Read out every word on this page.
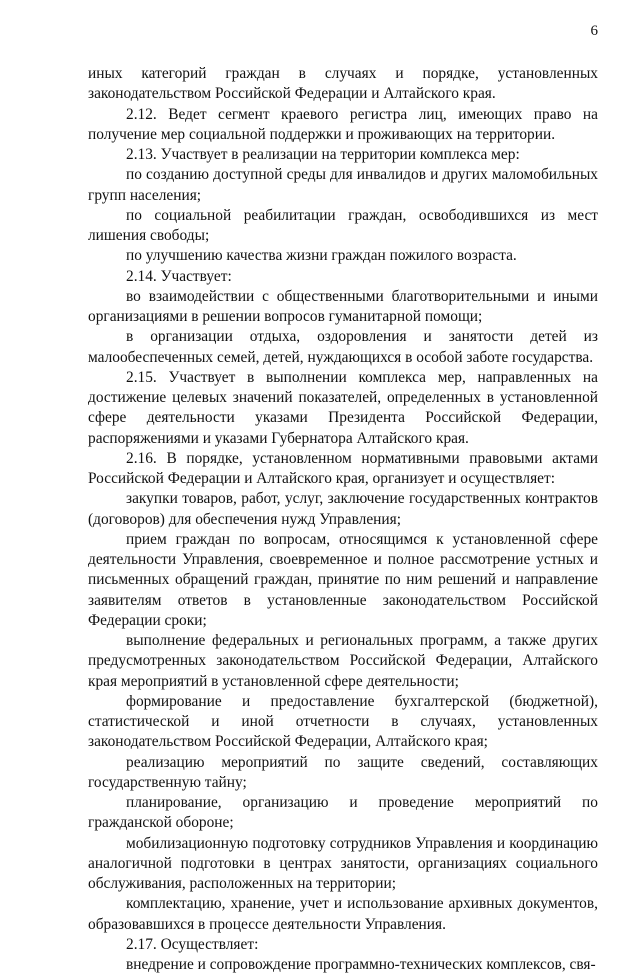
6

иных категорий граждан в случаях и порядке, установленных законодательством Российской Федерации и Алтайского края.

2.12. Ведет сегмент краевого регистра лиц, имеющих право на получение мер социальной поддержки и проживающих на территории.

2.13. Участвует в реализации на территории комплекса мер:

по созданию доступной среды для инвалидов и других маломобильных групп населения;

по социальной реабилитации граждан, освободившихся из мест лишения свободы;

по улучшению качества жизни граждан пожилого возраста.

2.14. Участвует:

во взаимодействии с общественными благотворительными и иными организациями в решении вопросов гуманитарной помощи;

в организации отдыха, оздоровления и занятости детей из малообеспеченных семей, детей, нуждающихся в особой заботе государства.

2.15. Участвует в выполнении комплекса мер, направленных на достижение целевых значений показателей, определенных в установленной сфере деятельности указами Президента Российской Федерации, распоряжениями и указами Губернатора Алтайского края.

2.16. В порядке, установленном нормативными правовыми актами Российской Федерации и Алтайского края, организует и осуществляет:

закупки товаров, работ, услуг, заключение государственных контрактов (договоров) для обеспечения нужд Управления;

прием граждан по вопросам, относящимся к установленной сфере деятельности Управления, своевременное и полное рассмотрение устных и письменных обращений граждан, принятие по ним решений и направление заявителям ответов в установленные законодательством Российской Федерации сроки;

выполнение федеральных и региональных программ, а также других предусмотренных законодательством Российской Федерации, Алтайского края мероприятий в установленной сфере деятельности;

формирование и предоставление бухгалтерской (бюджетной), статистической и иной отчетности в случаях, установленных законодательством Российской Федерации, Алтайского края;

реализацию мероприятий по защите сведений, составляющих государственную тайну;

планирование, организацию и проведение мероприятий по гражданской обороне;

мобилизационную подготовку сотрудников Управления и координацию аналогичной подготовки в центрах занятости, организациях социального обслуживания, расположенных на территории;

комплектацию, хранение, учет и использование архивных документов, образовавшихся в процессе деятельности Управления.

2.17. Осуществляет:

внедрение и сопровождение программно-технических комплексов, свя-
